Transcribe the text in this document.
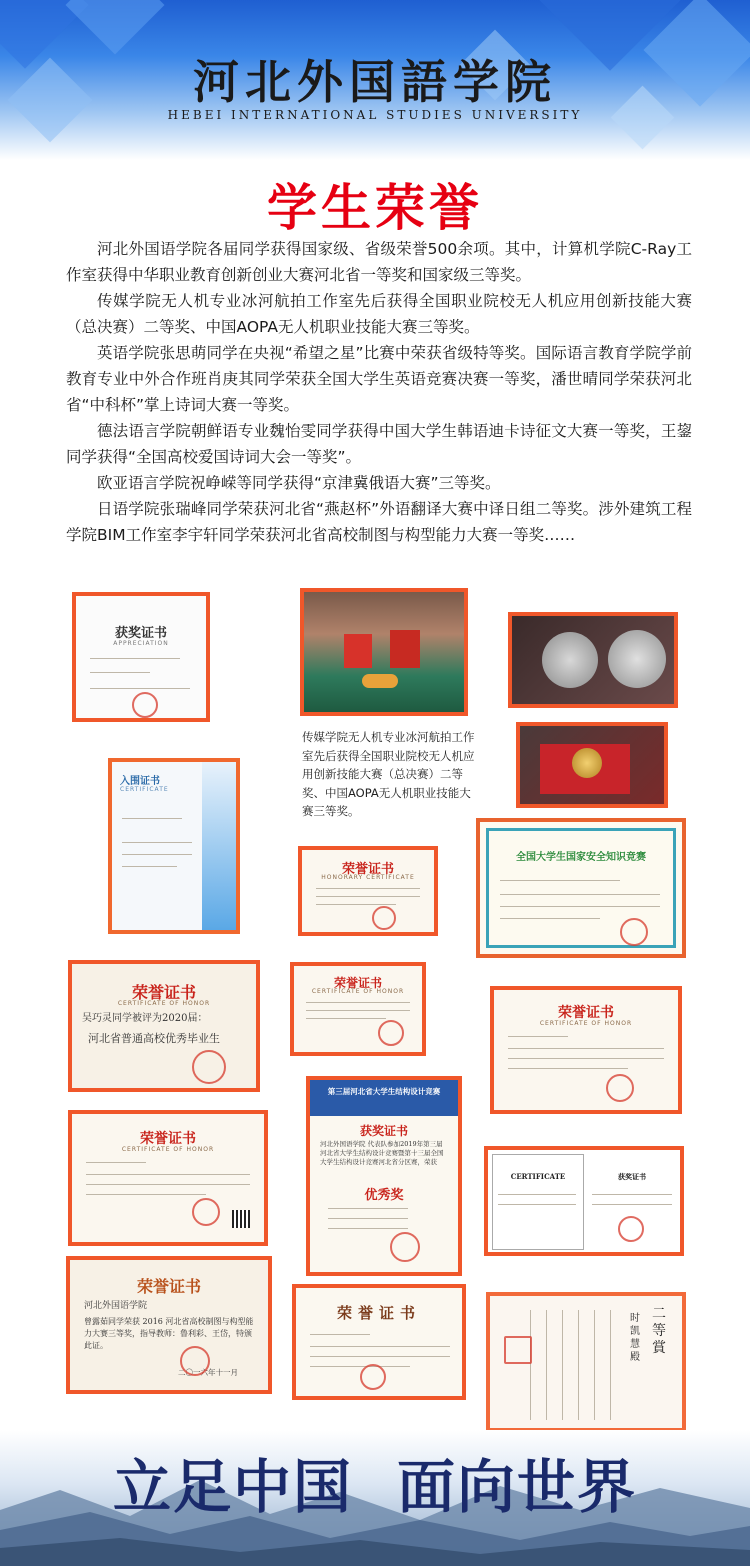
河北外国語学院
HEBEI INTERNATIONAL STUDIES UNIVERSITY
学生荣誉

河北外国语学院各届同学获得国家级、省级荣誉500余项。其中，计算机学院C-Ray工作室获得中华职业教育创新创业大赛河北省一等奖和国家级三等奖。

传媒学院无人机专业冰河航拍工作室先后获得全国职业院校无人机应用创新技能大赛（总决赛）二等奖、中国AOPA无人机职业技能大赛三等奖。

英语学院张思萌同学在央视“希望之星”比赛中荣获省级特等奖。国际语言教育学院学前教育专业中外合作班肖庚其同学荣获全国大学生英语竞赛决赛一等奖，潘世晴同学荣获河北省“中科杯”掌上诗词大赛一等奖。

德法语言学院朝鲜语专业魏怡雯同学获得中国大学生韩语迪卡诗征文大赛一等奖，王鋆同学获得“全国高校爱国诗词大会一等奖”。

欧亚语言学院祝峥嵘等同学获得“京津冀俄语大赛”三等奖。

日语学院张瑞峰同学荣获河北省“燕赵杯”外语翻译大赛中译日组二等奖。涉外建筑工程学院BIM工作室李宇轩同学荣获河北省高校制图与构型能力大赛一等奖……

获奖证书
APPRECIATION
传媒学院无人机专业冰河航拍工作室先后获得全国职业院校无人机应用创新技能大赛（总决赛）二等奖、中国AOPA无人机职业技能大赛三等奖。
入围证书
CERTIFICATE
荣誉证书
HONORARY CERTIFICATE
全国大学生国家安全知识竞赛
荣誉证书
CERTIFICATE OF HONOR
吴巧灵同学被评为2020届：
河北省普通高校优秀毕业生
荣誉证书
CERTIFICATE OF HONOR
荣誉证书
CERTIFICATE OF HONOR
第三届河北省大学生结构设计竞赛
获奖证书
河北外国语学院 代表队参加2019年第三届河北省大学生结构设计竞赛暨第十三届全国大学生结构设计竞赛河北省分区赛，荣获
优秀奖
荣誉证书
CERTIFICATE OF HONOR
CERTIFICATE	获奖证书
荣誉证书
河北外国语学院
曾露茹同学荣获 2016 河北省高校制图与构型能力大赛三等奖，指导教师：鲁利彩、王岱，特颁此证。
二〇一六年十一月
荣誉证书	二等賞
时凯慧 殿
立足中国 面向世界
